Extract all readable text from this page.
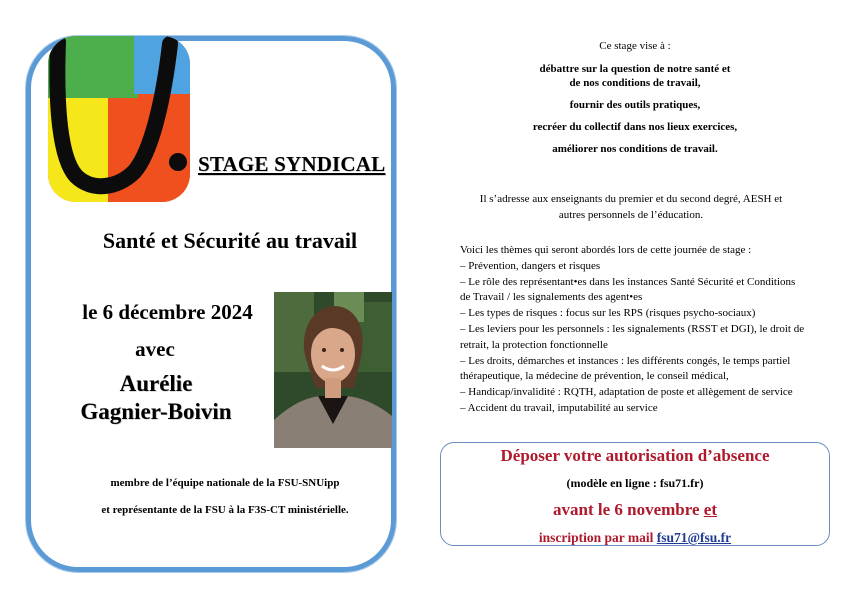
STAGE SYNDICAL
Santé et Sécurité au travail
le 6 décembre 2024
avec
Aurélie
Gagnier-Boivin
membre de l’équipe nationale de la FSU-SNUipp
et représentante de la FSU à la F3S-CT ministérielle.
Ce stage vise à :
débattre sur la question de notre santé et
de nos conditions de travail,
fournir des outils pratiques,
recréer du collectif dans nos lieux exercices,
améliorer nos conditions de travail.
Il s’adresse aux enseignants du premier et du second degré, AESH et
autres personnels de l’éducation.
Voici les thèmes qui seront abordés lors de cette journée de stage :
– Prévention, dangers et risques
– Le rôle des représentant•es dans les instances Santé Sécurité et Conditions de Travail / les signalements des agent•es
– Les types de risques : focus sur les RPS (risques psycho-sociaux)
– Les leviers pour les personnels : les signalements (RSST et DGI), le droit de retrait, la protection fonctionnelle
– Les droits, démarches et instances : les différents congés, le temps partiel thérapeutique, la médecine de prévention, le conseil médical,
– Handicap/invalidité : RQTH, adaptation de poste et allègement de service
– Accident du travail, imputabilité au service
Déposer votre autorisation d’absence
(modèle en ligne : fsu71.fr)
avant le 6 novembre et
inscription par mail fsu71@fsu.fr
